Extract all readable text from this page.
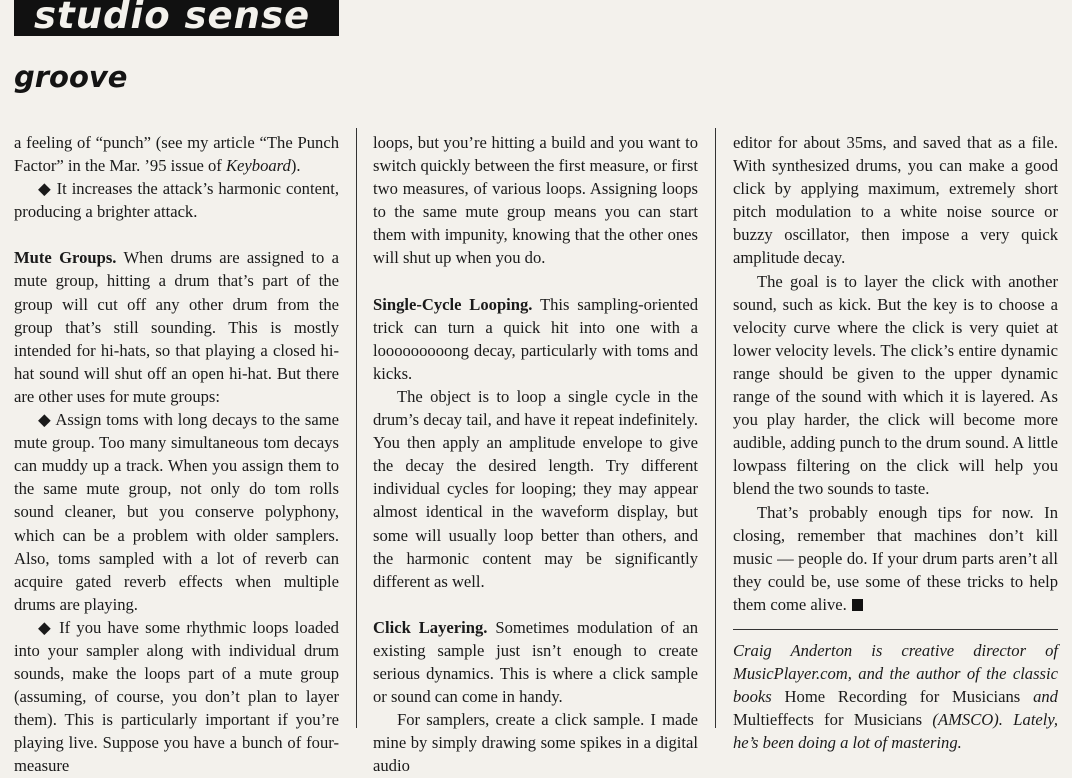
studio sense
groove

a feeling of “punch” (see my article “The Punch Factor” in the Mar. ’95 issue of Keyboard).

◆ It increases the attack’s harmonic content, producing a brighter attack.

Mute Groups. When drums are assigned to a mute group, hitting a drum that’s part of the group will cut off any other drum from the group that’s still sounding. This is mostly intended for hi-hats, so that playing a closed hi-hat sound will shut off an open hi-hat. But there are other uses for mute groups:

◆ Assign toms with long decays to the same mute group. Too many simultaneous tom decays can muddy up a track. When you assign them to the same mute group, not only do tom rolls sound cleaner, but you conserve polyphony, which can be a problem with older samplers. Also, toms sampled with a lot of reverb can acquire gated reverb effects when multiple drums are playing.

◆ If you have some rhythmic loops loaded into your sampler along with individual drum sounds, make the loops part of a mute group (assuming, of course, you don’t plan to layer them). This is particularly important if you’re playing live. Suppose you have a bunch of four-measure

loops, but you’re hitting a build and you want to switch quickly between the first measure, or first two measures, of various loops. Assigning loops to the same mute group means you can start them with impunity, knowing that the other ones will shut up when you do.

Single-Cycle Looping. This sampling-oriented trick can turn a quick hit into one with a looooooooong decay, particularly with toms and kicks.

The object is to loop a single cycle in the drum’s decay tail, and have it repeat indefinitely. You then apply an amplitude envelope to give the decay the desired length. Try different individual cycles for looping; they may appear almost identical in the waveform display, but some will usually loop better than others, and the harmonic content may be significantly different as well.

Click Layering. Sometimes modulation of an existing sample just isn’t enough to create serious dynamics. This is where a click sample or sound can come in handy.

For samplers, create a click sample. I made mine by simply drawing some spikes in a digital audio

editor for about 35ms, and saved that as a file. With synthesized drums, you can make a good click by applying maximum, extremely short pitch modulation to a white noise source or buzzy oscillator, then impose a very quick amplitude decay.

The goal is to layer the click with another sound, such as kick. But the key is to choose a velocity curve where the click is very quiet at lower velocity levels. The click’s entire dynamic range should be given to the upper dynamic range of the sound with which it is layered. As you play harder, the click will become more audible, adding punch to the drum sound. A little lowpass filtering on the click will help you blend the two sounds to taste.

That’s probably enough tips for now. In closing, remember that machines don’t kill music — people do. If your drum parts aren’t all they could be, use some of these tricks to help them come alive.

Craig Anderton is creative director of MusicPlayer.com, and the author of the classic books Home Recording for Musicians and Multieffects for Musicians (AMSCO). Lately, he’s been doing a lot of mastering.
